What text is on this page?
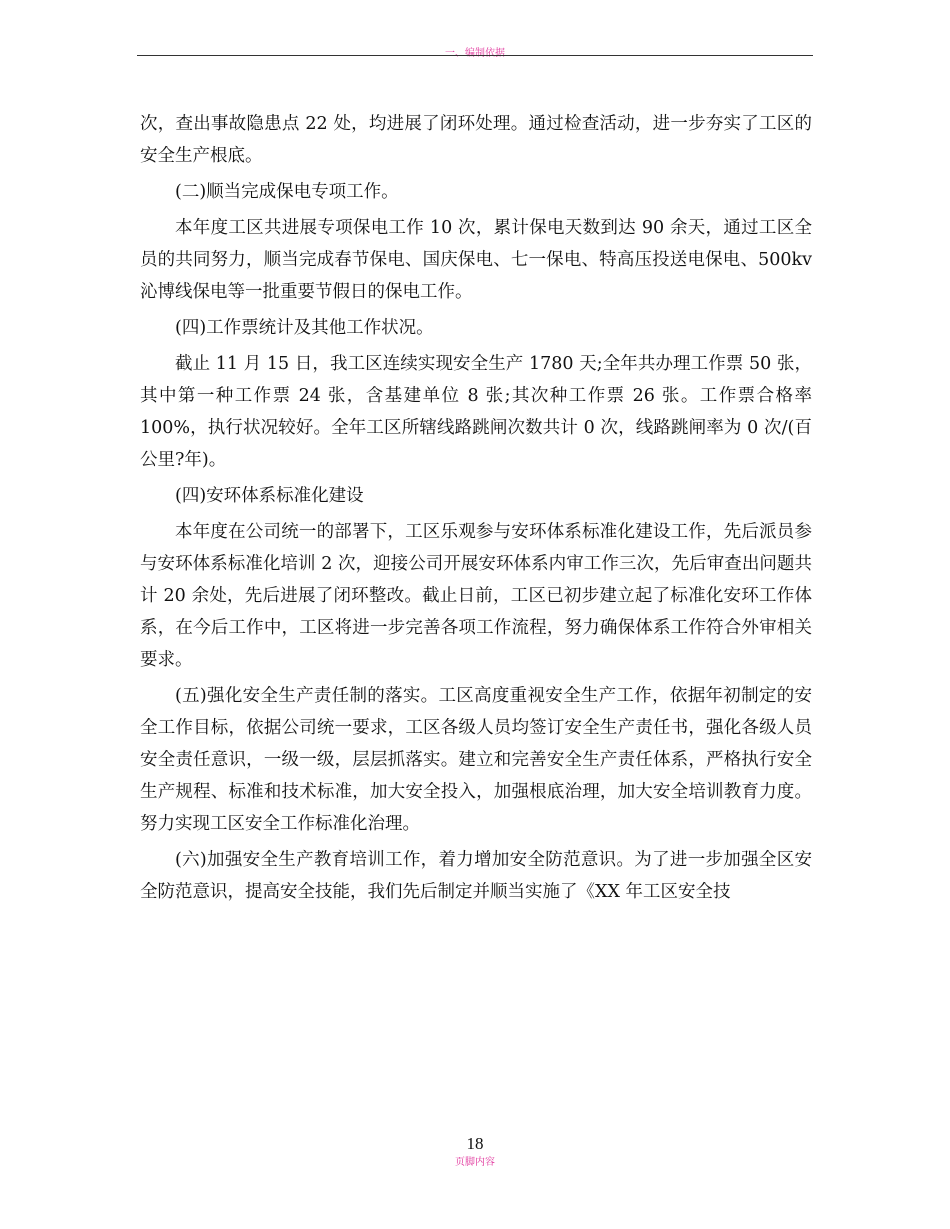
一、编制依据

次，查出事故隐患点 22 处，均进展了闭环处理。通过检查活动，进一步夯实了工区的安全生产根底。

(二)顺当完成保电专项工作。

本年度工区共进展专项保电工作 10 次，累计保电天数到达 90 余天，通过工区全员的共同努力，顺当完成春节保电、国庆保电、七一保电、特高压投送电保电、500kv 沁博线保电等一批重要节假日的保电工作。

(四)工作票统计及其他工作状况。

截止 11 月 15 日，我工区连续实现安全生产 1780 天;全年共办理工作票 50 张，其中第一种工作票 24 张，含基建单位 8 张;其次种工作票 26 张。工作票合格率 100%，执行状况较好。全年工区所辖线路跳闸次数共计 0 次，线路跳闸率为 0 次/(百公里?年)。

(四)安环体系标准化建设

本年度在公司统一的部署下，工区乐观参与安环体系标准化建设工作，先后派员参与安环体系标准化培训 2 次，迎接公司开展安环体系内审工作三次，先后审查出问题共计 20 余处，先后进展了闭环整改。截止日前，工区已初步建立起了标准化安环工作体系，在今后工作中，工区将进一步完善各项工作流程，努力确保体系工作符合外审相关要求。

(五)强化安全生产责任制的落实。工区高度重视安全生产工作，依据年初制定的安全工作目标，依据公司统一要求，工区各级人员均签订安全生产责任书，强化各级人员安全责任意识，一级一级，层层抓落实。建立和完善安全生产责任体系，严格执行安全生产规程、标准和技术标准，加大安全投入，加强根底治理，加大安全培训教育力度。努力实现工区安全工作标准化治理。

(六)加强安全生产教育培训工作，着力增加安全防范意识。为了进一步加强全区安全防范意识，提高安全技能，我们先后制定并顺当实施了《XX 年工区安全技

18
页脚内容
